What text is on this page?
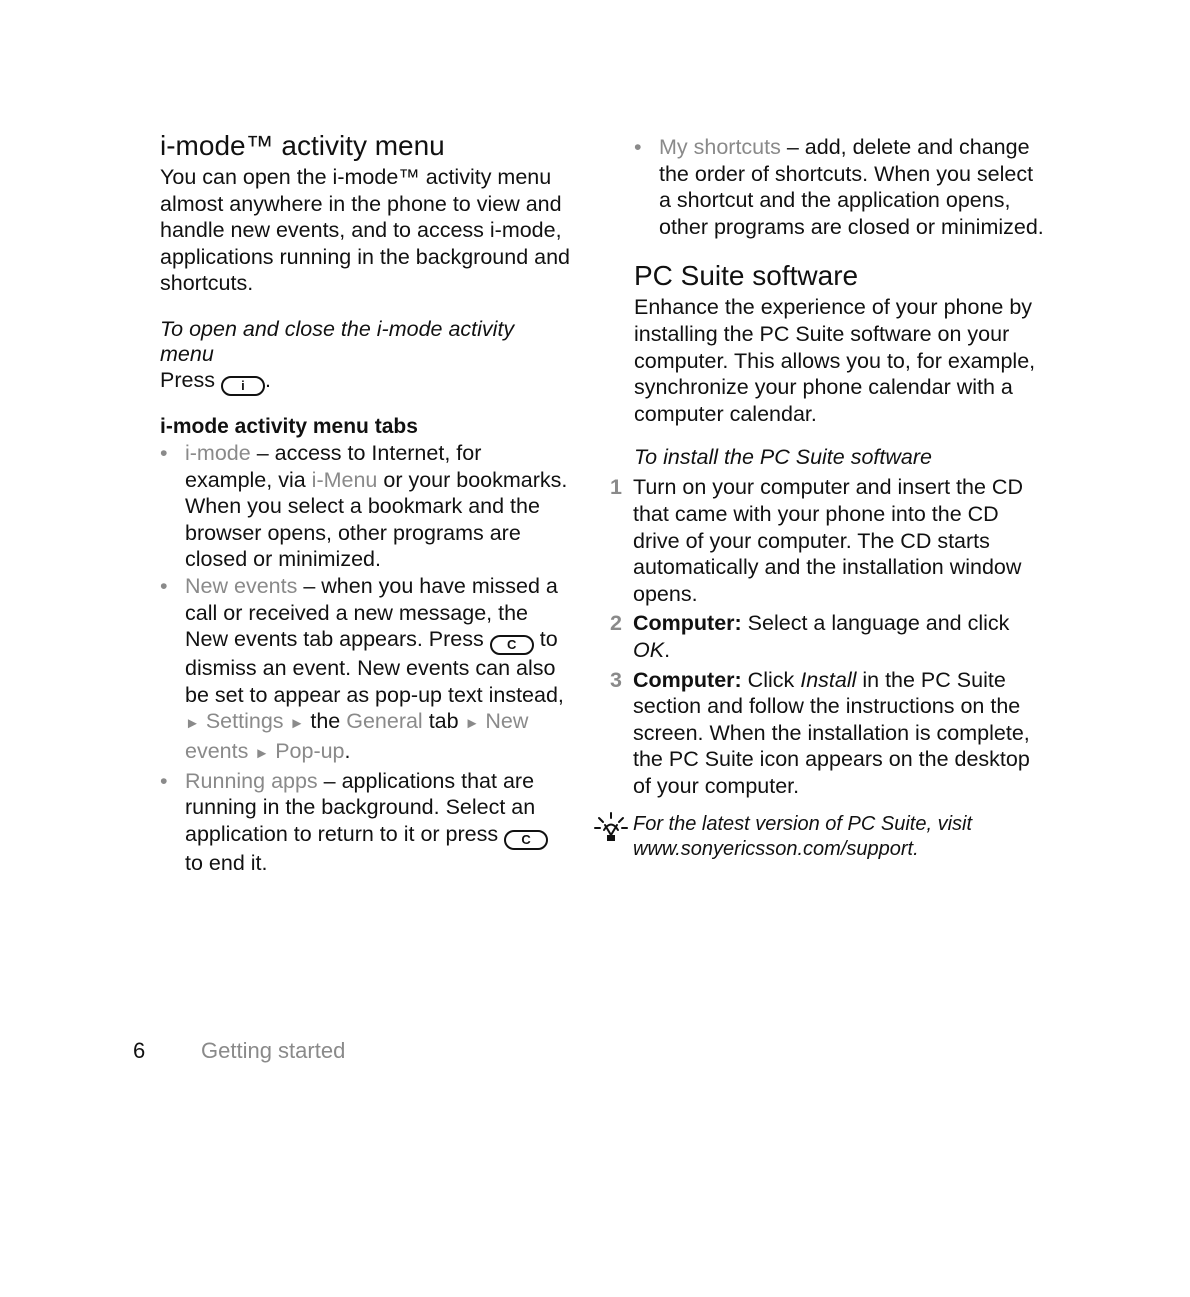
i-mode™ activity menu

You can open the i-mode™ activity menu almost anywhere in the phone to view and handle new events, and to access i-mode, applications running in the background and shortcuts.

To open and close the i-mode activity menu

Press i .

i-mode activity menu tabs

• i-mode – access to Internet, for example, via i-Menu or your bookmarks. When you select a bookmark and the browser opens, other programs are closed or minimized.
• New events – when you have missed a call or received a new message, the New events tab appears. Press C to dismiss an event. New events can also be set to appear as pop-up text instead, ► Settings ► the General tab ► New events ► Pop-up.
• Running apps – applications that are running in the background. Select an application to return to it or press C to end it.
• My shortcuts – add, delete and change the order of shortcuts. When you select a shortcut and the application opens, other programs are closed or minimized.
PC Suite software

Enhance the experience of your phone by installing the PC Suite software on your computer. This allows you to, for example, synchronize your phone calendar with a computer calendar.

To install the PC Suite software

1 Turn on your computer and insert the CD that came with your phone into the CD drive of your computer. The CD starts automatically and the installation window opens.
2 Computer: Select a language and click OK.
3 Computer: Click Install in the PC Suite section and follow the instructions on the screen. When the installation is complete, the PC Suite icon appears on the desktop of your computer.
For the latest version of PC Suite, visit www.sonyericsson.com/support.
6	Getting started
